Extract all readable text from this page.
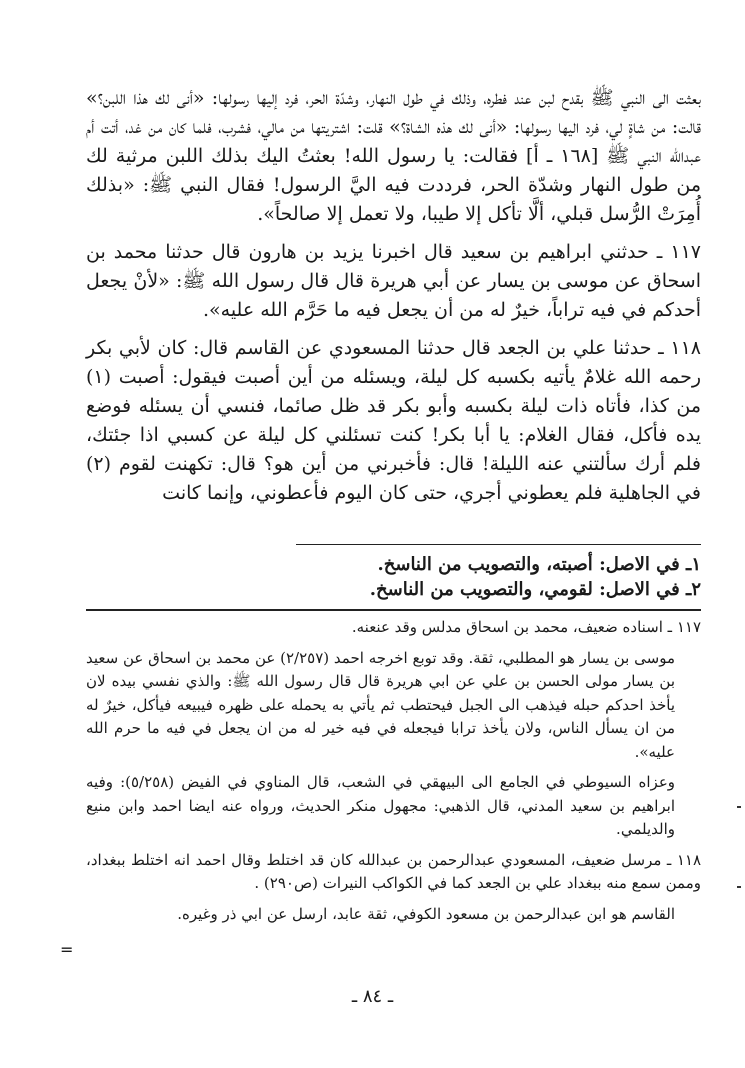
بعثت الى النبي ﷺ بقدح لبن عند فطره، وذلك في طول النهار، وشدّة الحر، فرد إليها رسولها: «أنى لك هذا اللبن؟» قالت: من شاةٍ لي، فرد اليها رسولها: «أنى لك هذه الشاة؟» قلت: اشتريتها من مالي، فشرب، فلما كان من غد، أتت أم عبدالله النبي ﷺ [١٦٨ ـ أ] فقالت: يا رسول الله! بعثتُ اليك بذلك اللبن مرثية لك من طول النهار وشدّة الحر، فرددت فيه اليَّ الرسول! فقال النبي ﷺ: «بذلك أُمِرَتْ الرُّسل قبلي، ألَّا تأكل إلا طيبا، ولا تعمل إلا صالحاً».

١١٧ ـ حدثني ابراهيم بن سعيد قال اخبرنا يزيد بن هارون قال حدثنا محمد بن اسحاق عن موسى بن يسار عن أبي هريرة قال قال رسول الله ﷺ: «لأنْ يجعل أحدكم في فيه تراباً، خيرٌ له من أن يجعل فيه ما حَرَّم الله عليه».

١١٨ ـ حدثنا علي بن الجعد قال حدثنا المسعودي عن القاسم قال: كان لأبي بكر رحمه الله غلامٌ يأتيه بكسبه كل ليلة، ويسئله من أين أصبت فيقول: أصبت (١) من كذا، فأتاه ذات ليلة بكسبه وأبو بكر قد ظل صائما، فنسي أن يسئله فوضع يده فأكل، فقال الغلام: يا أبا بكر! كنت تسئلني كل ليلة عن كسبي اذا جئتك، فلم أرك سألتني عنه الليلة! قال: فأخبرني من أين هو؟ قال: تكهنت لقوم (٢) في الجاهلية فلم يعطوني أجري، حتى كان اليوم فأعطوني، وإنما كانت

١ـ في الاصل: أصبته، والتصويب من الناسخ.
٢ـ في الاصل: لقومي، والتصويب من الناسخ.
١١٧ ـ اسناده ضعيف، محمد بن اسحاق مدلس وقد عنعنه.
موسى بن يسار هو المطلبي، ثقة. وقد توبع اخرجه احمد (٢/٢٥٧) عن محمد بن اسحاق عن سعيد بن يسار مولى الحسن بن علي عن ابي هريرة قال قال رسول الله ﷺ: والذي نفسي بيده لان يأخذ احدكم حبله فيذهب الى الجبل فيحتطب ثم يأتي به يحمله على ظهره فيبيعه فيأكل، خيرٌ له من ان يسأل الناس، ولان يأخذ ترابا فيجعله في فيه خير له من ان يجعل في فيه ما حرم الله عليه».
وعزاه السيوطي في الجامع الى البيهقي في الشعب، قال المناوي في الفيض (٥/٢٥٨): وفيه ابراهيم بن سعيد المدني، قال الذهبي: مجهول منكر الحديث، ورواه عنه ايضا احمد وابن منيع والديلمي.
١١٨ ـ مرسل ضعيف، المسعودي عبدالرحمن بن عبدالله كان قد اختلط وقال احمد انه اختلط ببغداد، وممن سمع منه ببغداد علي بن الجعد كما في الكواكب النيرات (ص٢٩٠) .
القاسم هو ابن عبدالرحمن بن مسعود الكوفي، ثقة عابد، ارسل عن ابي ذر وغيره.
=
ـ ٨٤ ـ
